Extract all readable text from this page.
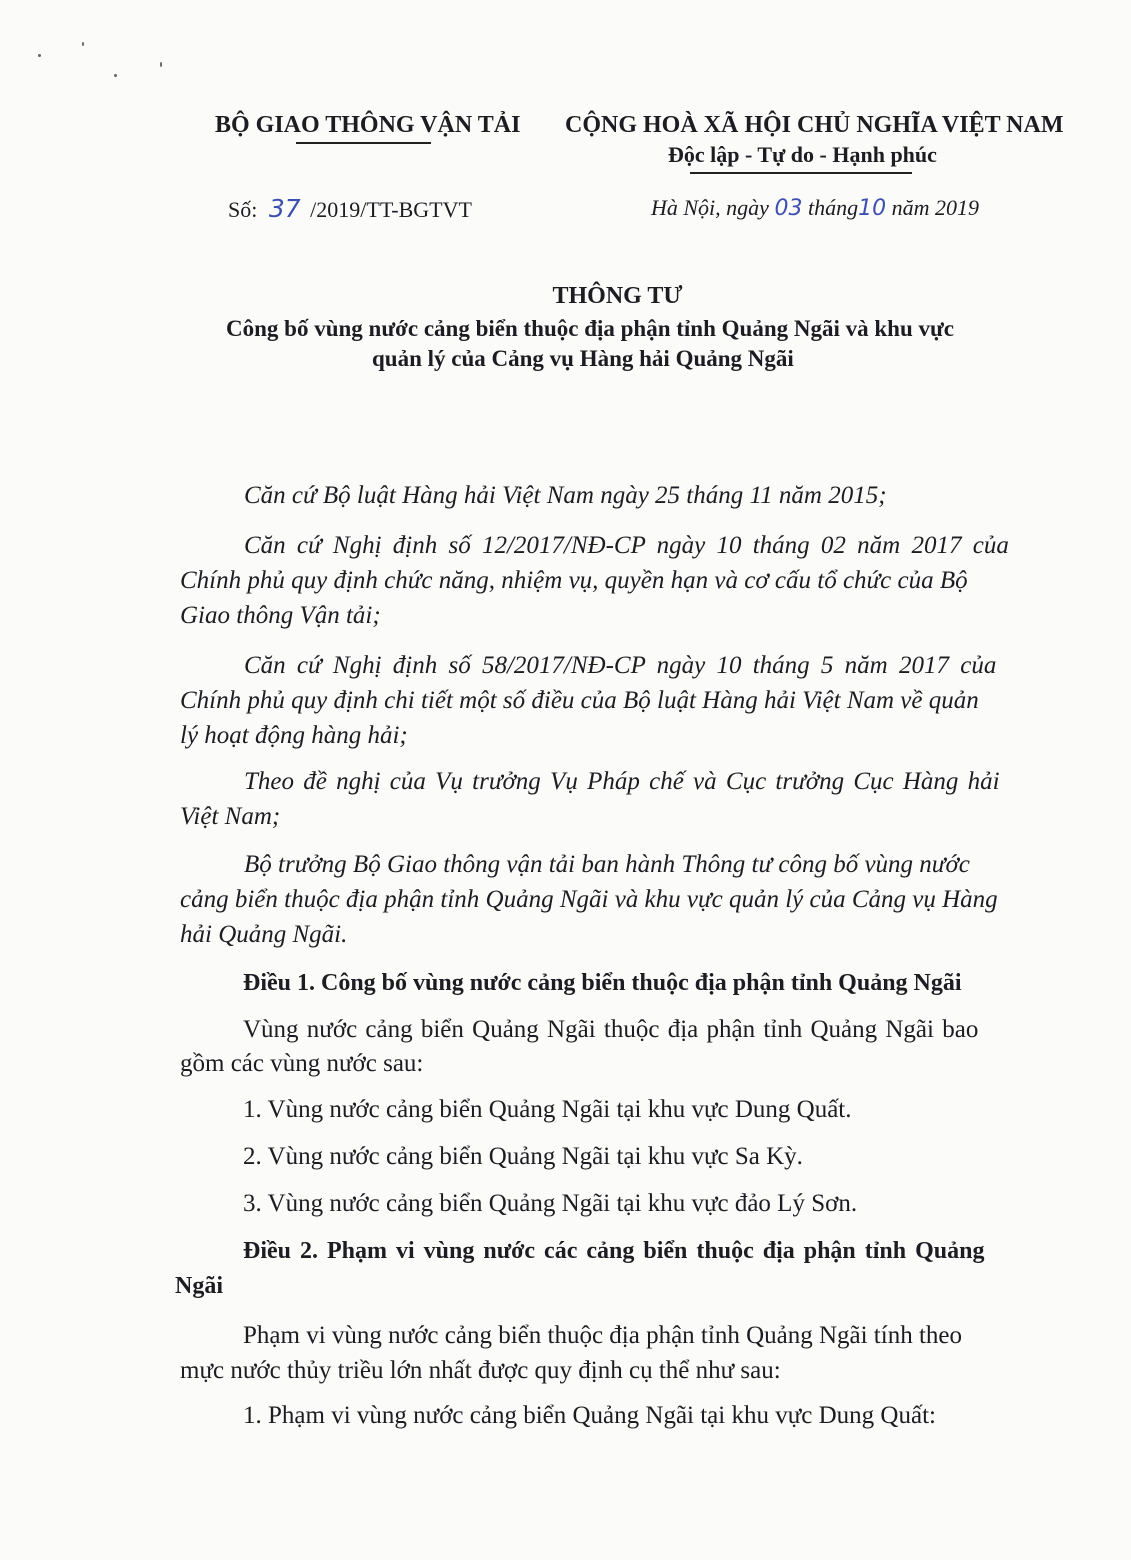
BỘ GIAO THÔNG VẬN TẢI CỘNG HOÀ XÃ HỘI CHỦ NGHĨA VIỆT NAM
Độc lập - Tự do - Hạnh phúc
Số: 37 /2019/TT-BGTVT	Hà Nội, ngày 03 tháng10 năm 2019
THÔNG TƯ
Công bố vùng nước cảng biển thuộc địa phận tỉnh Quảng Ngãi và khu vực
quản lý của Cảng vụ Hàng hải Quảng Ngãi
Căn cứ Bộ luật Hàng hải Việt Nam ngày 25 tháng 11 năm 2015;
Căn cứ Nghị định số 12/2017/NĐ-CP ngày 10 tháng 02 năm 2017 của
Chính phủ quy định chức năng, nhiệm vụ, quyền hạn và cơ cấu tổ chức của Bộ
Giao thông Vận tải;
Căn cứ Nghị định số 58/2017/NĐ-CP ngày 10 tháng 5 năm 2017 của
Chính phủ quy định chi tiết một số điều của Bộ luật Hàng hải Việt Nam về quản
lý hoạt động hàng hải;
Theo đề nghị của Vụ trưởng Vụ Pháp chế và Cục trưởng Cục Hàng hải
Việt Nam;
Bộ trưởng Bộ Giao thông vận tải ban hành Thông tư công bố vùng nước
cảng biển thuộc địa phận tỉnh Quảng Ngãi và khu vực quản lý của Cảng vụ Hàng
hải Quảng Ngãi.
Điều 1. Công bố vùng nước cảng biển thuộc địa phận tỉnh Quảng Ngãi
Vùng nước cảng biển Quảng Ngãi thuộc địa phận tỉnh Quảng Ngãi bao
gồm các vùng nước sau:
1. Vùng nước cảng biển Quảng Ngãi tại khu vực Dung Quất.
2. Vùng nước cảng biển Quảng Ngãi tại khu vực Sa Kỳ.
3. Vùng nước cảng biển Quảng Ngãi tại khu vực đảo Lý Sơn.
Điều 2. Phạm vi vùng nước các cảng biển thuộc địa phận tỉnh Quảng
Ngãi
Phạm vi vùng nước cảng biển thuộc địa phận tỉnh Quảng Ngãi tính theo
mực nước thủy triều lớn nhất được quy định cụ thể như sau:
1. Phạm vi vùng nước cảng biển Quảng Ngãi tại khu vực Dung Quất:
